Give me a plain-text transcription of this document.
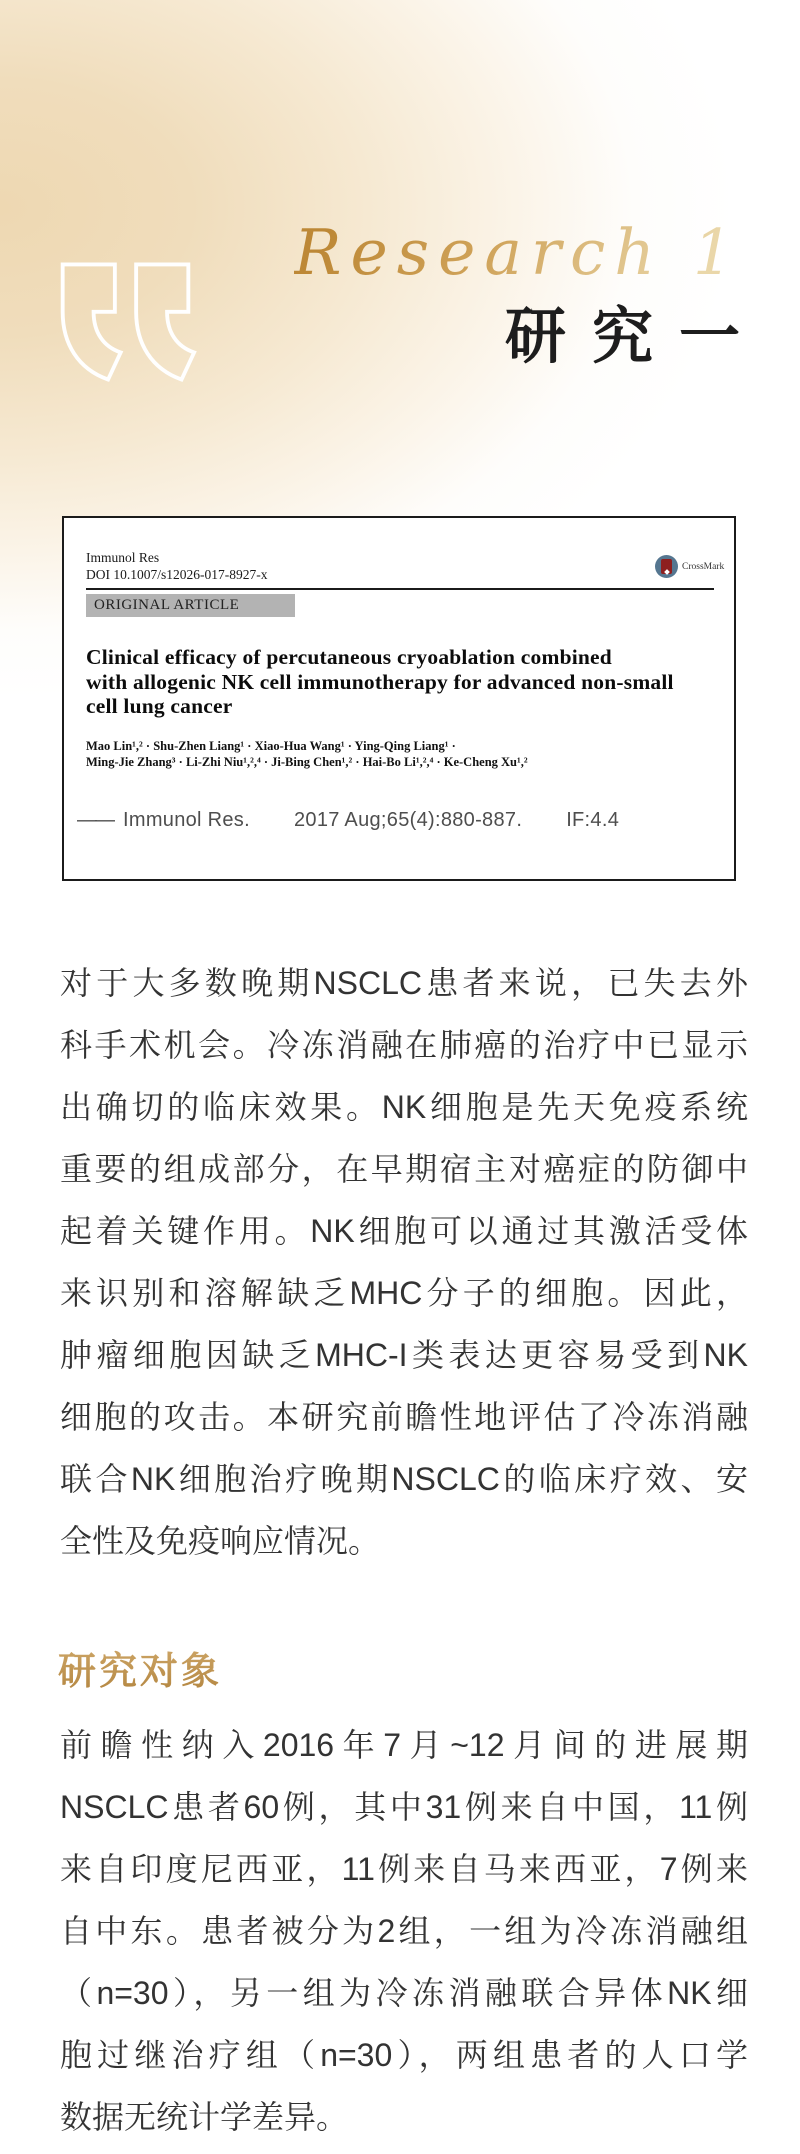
Research 1
研究一
Immunol Res
DOI 10.1007/s12026-017-8927-x
CrossMark
ORIGINAL ARTICLE
Clinical efficacy of percutaneous cryoablation combined
with allogenic NK cell immunotherapy for advanced non-small
cell lung cancer
Mao Lin¹,² · Shu-Zhen Liang¹ · Xiao-Hua Wang¹ · Ying-Qing Liang¹ ·
Ming-Jie Zhang³ · Li-Zhi Niu¹,²,⁴ · Ji-Bing Chen¹,² · Hai-Bo Li¹,²,⁴ · Ke-Cheng Xu¹,²
—— Immunol Res. 2017 Aug;65(4):880-887. IF:4.4
对于大多数晚期NSCLC患者来说，已失去外
科手术机会。冷冻消融在肺癌的治疗中已显示
出确切的临床效果。NK细胞是先天免疫系统
重要的组成部分，在早期宿主对癌症的防御中
起着关键作用。NK细胞可以通过其激活受体
来识别和溶解缺乏MHC分子的细胞。因此，
肿瘤细胞因缺乏MHC-I类表达更容易受到NK
细胞的攻击。本研究前瞻性地评估了冷冻消融
联合NK细胞治疗晚期NSCLC的临床疗效、安
全性及免疫响应情况。
研究对象
前瞻性纳入2016年7月~12月间的进展期
NSCLC患者60例，其中31例来自中国，11例
来自印度尼西亚，11例来自马来西亚，7例来
自中东。患者被分为2组，一组为冷冻消融组
（n=30），另一组为冷冻消融联合异体NK细
胞过继治疗组（n=30），两组患者的人口学
数据无统计学差异。
